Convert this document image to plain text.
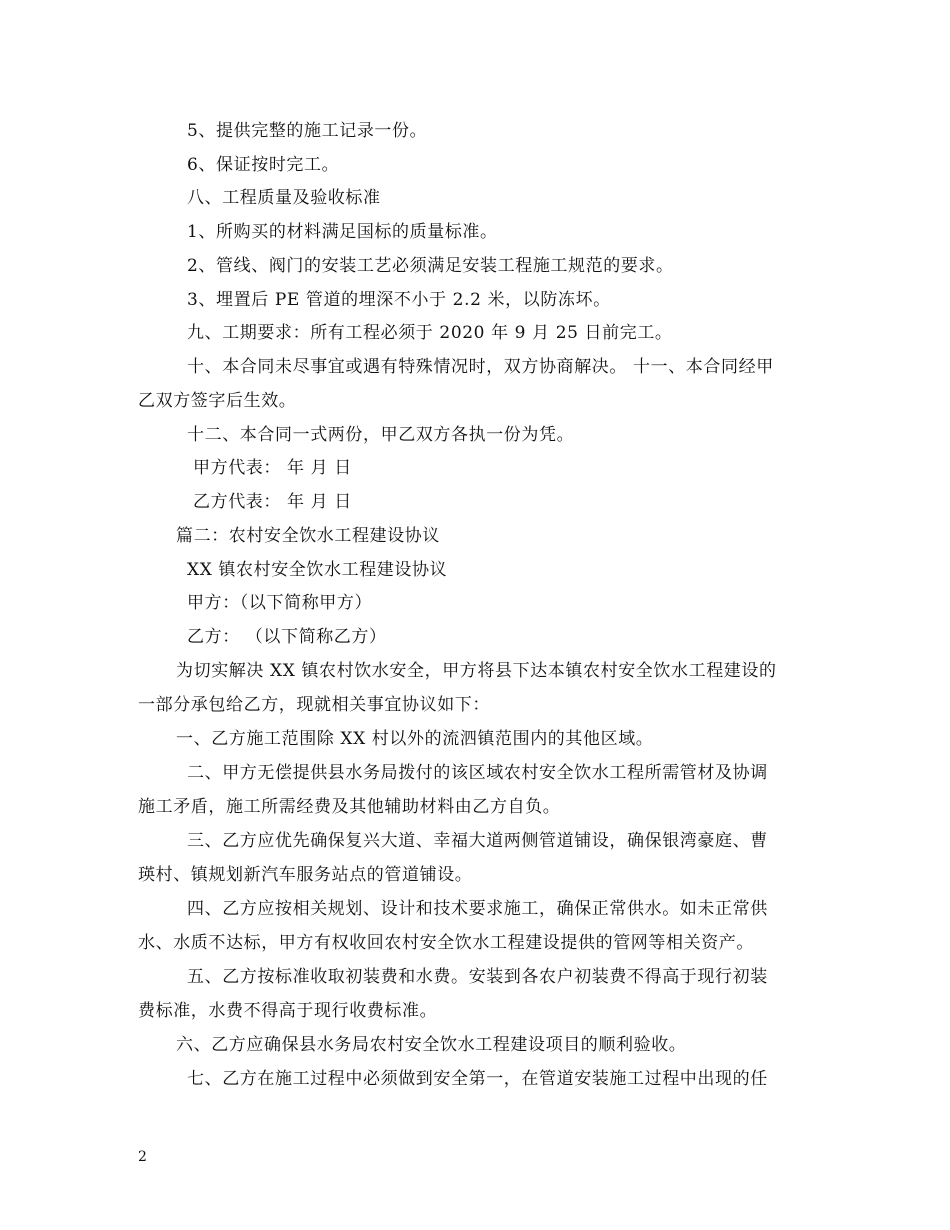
5、提供完整的施工记录一份。
6、保证按时完工。
八、工程质量及验收标准
1、所购买的材料满足国标的质量标准。
2、管线、阀门的安装工艺必须满足安装工程施工规范的要求。
3、埋置后 PE 管道的埋深不小于 2.2 米，以防冻坏。
九、工期要求：所有工程必须于 2020 年 9 月 25 日前完工。
十、本合同未尽事宜或遇有特殊情况时，双方协商解决。 十一、本合同经甲
乙双方签字后生效。
十二、本合同一式两份，甲乙双方各执一份为凭。
甲方代表： 年 月 日
乙方代表： 年 月 日
篇二：农村安全饮水工程建设协议
XX 镇农村安全饮水工程建设协议
甲方：（以下简称甲方）
乙方： （以下简称乙方）
为切实解决 XX 镇农村饮水安全，甲方将县下达本镇农村安全饮水工程建设的
一部分承包给乙方，现就相关事宜协议如下：
一、乙方施工范围除 XX 村以外的流泗镇范围内的其他区域。
二、甲方无偿提供县水务局拨付的该区域农村安全饮水工程所需管材及协调
施工矛盾，施工所需经费及其他辅助材料由乙方自负。
三、乙方应优先确保复兴大道、幸福大道两侧管道铺设，确保银湾豪庭、曹
瑛村、镇规划新汽车服务站点的管道铺设。
四、乙方应按相关规划、设计和技术要求施工，确保正常供水。如未正常供
水、水质不达标，甲方有权收回农村安全饮水工程建设提供的管网等相关资产。
五、乙方按标准收取初装费和水费。安装到各农户初装费不得高于现行初装
费标准，水费不得高于现行收费标准。
六、乙方应确保县水务局农村安全饮水工程建设项目的顺利验收。
七、乙方在施工过程中必须做到安全第一，在管道安装施工过程中出现的任
2
